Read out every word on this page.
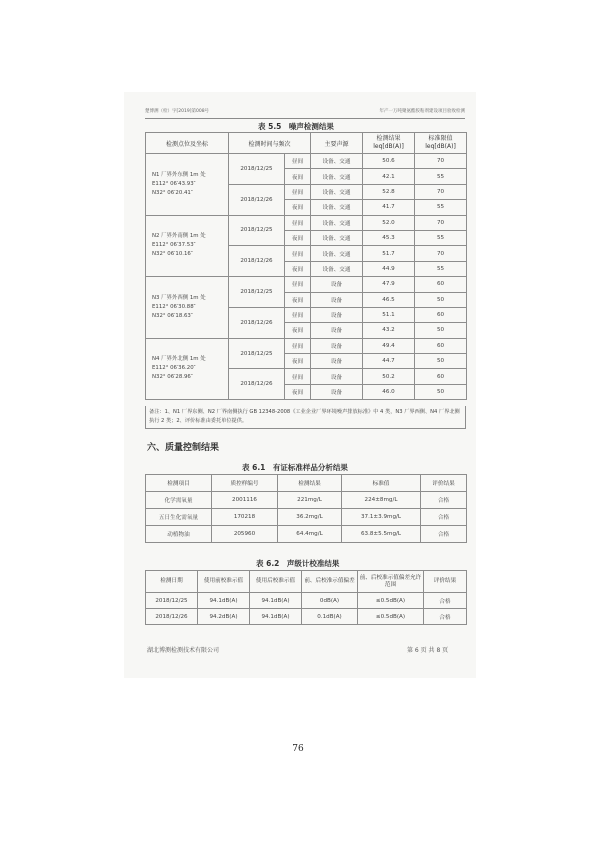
楚博测（检）字[2019]第008号	年产一万吨聚氨酯胶粘剂建设项目验收检测
表 5.5　噪声检测结果
检测点位及坐标	检测时间与频次		主要声源	检测结果 leq[dB(A)]	标准限值 leq[dB(A)]
N1 厂界外东侧 1m 处
E112° 06′43.93″
N32° 06′20.41″	2018/12/25	昼间	设备、交通	50.6	70
		夜间	设备、交通	42.1	55
	2018/12/26	昼间	设备、交通	52.8	70
		夜间	设备、交通	41.7	55
N2 厂界外南侧 1m 处
E112° 06′37.53″
N32° 06′10.16″	2018/12/25	昼间	设备、交通	52.0	70
		夜间	设备、交通	45.3	55
	2018/12/26	昼间	设备、交通	51.7	70
		夜间	设备、交通	44.9	55
N3 厂界外西侧 1m 处
E112° 06′30.88″
N32° 06′18.63″	2018/12/25	昼间	设备	47.9	60
		夜间	设备	46.5	50
	2018/12/26	昼间	设备	51.1	60
		夜间	设备	43.2	50
N4 厂界外北侧 1m 处
E112° 06′36.20″
N32° 06′28.96″	2018/12/25	昼间	设备	49.4	60
		夜间	设备	44.7	50
	2018/12/26	昼间	设备	50.2	60
		夜间	设备	46.0	50
备注：1、N1 厂界东侧、N2 厂界南侧执行 GB 12348-2008《工业企业厂界环境噪声排放标准》中 4 类，N3 厂界西侧、N4 厂界北侧执行 2 类；2、评价标准由委托单位提供。
六、质量控制结果
表 6.1　有证标准样品分析结果
检测项目	质控样编号	检测结果	标准值	评价结果
化学需氧量	2001116	221mg/L	224±8mg/L	合格
五日生化需氧量	170218	36.2mg/L	37.1±3.9mg/L	合格
动植物油	205960	64.4mg/L	63.8±5.5mg/L	合格
表 6.2　声级计校准结果
检测日期	使用前校准示值	使用后校准示值	前、后校准示值偏差	前、后校准示值偏差允许范围	评价结果
2018/12/25	94.1dB(A)	94.1dB(A)	0dB(A)	≤0.5dB(A)	合格
2018/12/26	94.2dB(A)	94.1dB(A)	0.1dB(A)	≤0.5dB(A)	合格
湖北博测检测技术有限公司	第 6 页 共 8 页
76
